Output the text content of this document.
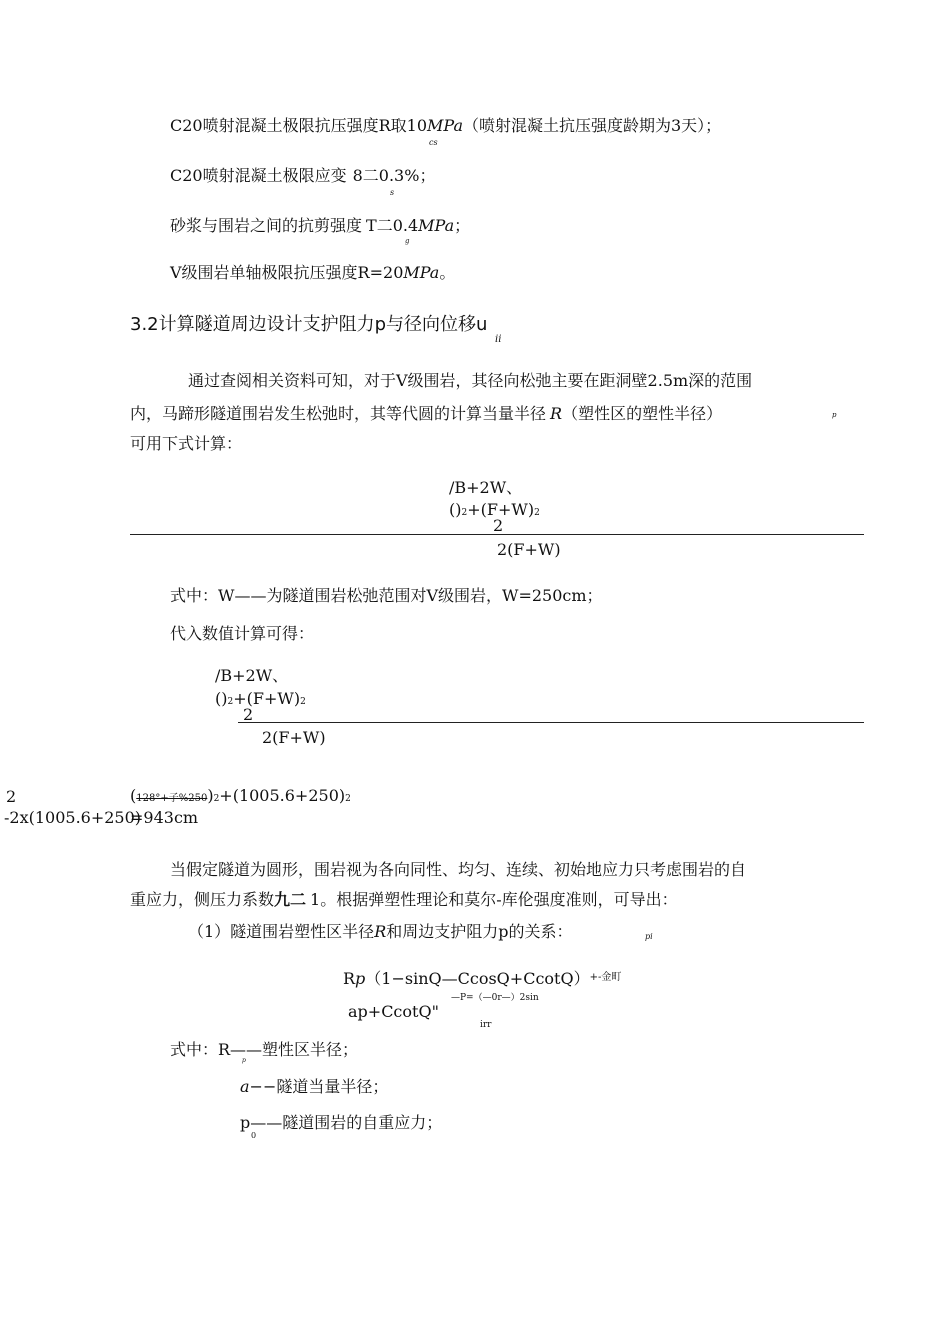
C20喷射混凝土极限抗压强度R取10MPa（喷射混凝土抗压强度龄期为3天）；
cs
C20喷射混凝土极限应变 8二0.3%；
s
砂浆与围岩之间的抗剪强度 T二0.4MPa；
g
V级围岩单轴极限抗压强度R=20MPa。
3.2计算隧道周边设计支护阻力p与径向位移u
ii
通过查阅相关资料可知，对于V级围岩，其径向松弛主要在距洞壁2.5m深的范围
内，马蹄形隧道围岩发生松弛时，其等代圆的计算当量半径 R（塑性区的塑性半径）	p
可用下式计算：
/B+2W、
()2+(F+W)2
2
2(F+W)
式中：W——为隧道围岩松弛范围对V级围岩，W=250cm；
代入数值计算可得：
/B+2W、
()2+(F+W)2
2
2(F+W)
2	(128°+子%250)2+(1005.6+250)2
-2x(1005.6+250)
=943cm
当假定隧道为圆形，围岩视为各向同性、均匀、连续、初始地应力只考虑围岩的自
重应力，侧压力系数九二 1。根据弹塑性理论和莫尔-库伦强度准则，可导出：
（1）隧道围岩塑性区半径R和周边支护阻力p的关系：	pi
Rp（1−sinQ—CcosQ+CcotQ）$^{+-金町}$
—P=（—0r—）2sin
ap+CcotQ"
irr
式中：R——塑性区半径；
p
a−−隧道当量半径；
p——隧道围岩的自重应力；
0
